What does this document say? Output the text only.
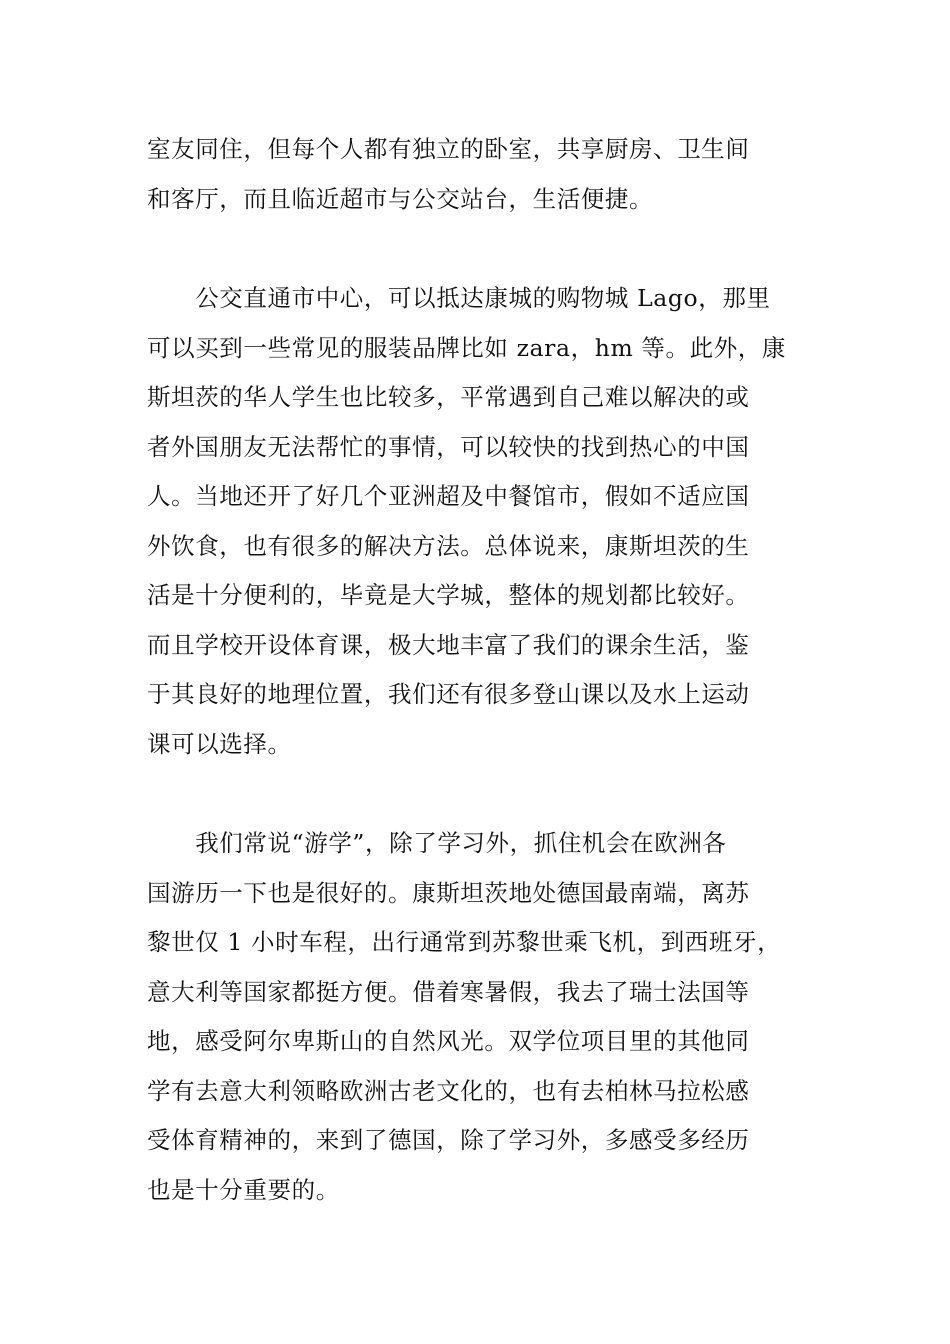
室友同住，但每个人都有独立的卧室，共享厨房、卫生间
和客厅，而且临近超市与公交站台，生活便捷。
　　公交直通市中心，可以抵达康城的购物城 Lago，那里
可以买到一些常见的服装品牌比如 zara，hm 等。此外，康
斯坦茨的华人学生也比较多，平常遇到自己难以解决的或
者外国朋友无法帮忙的事情，可以较快的找到热心的中国
人。当地还开了好几个亚洲超及中餐馆市，假如不适应国
外饮食，也有很多的解决方法。总体说来，康斯坦茨的生
活是十分便利的，毕竟是大学城，整体的规划都比较好。
而且学校开设体育课，极大地丰富了我们的课余生活，鉴
于其良好的地理位置，我们还有很多登山课以及水上运动
课可以选择。
　　我们常说“游学”，除了学习外，抓住机会在欧洲各
国游历一下也是很好的。康斯坦茨地处德国最南端，离苏
黎世仅 1 小时车程，出行通常到苏黎世乘飞机，到西班牙，
意大利等国家都挺方便。借着寒暑假，我去了瑞士法国等
地，感受阿尔卑斯山的自然风光。双学位项目里的其他同
学有去意大利领略欧洲古老文化的，也有去柏林马拉松感
受体育精神的，来到了德国，除了学习外，多感受多经历
也是十分重要的。
